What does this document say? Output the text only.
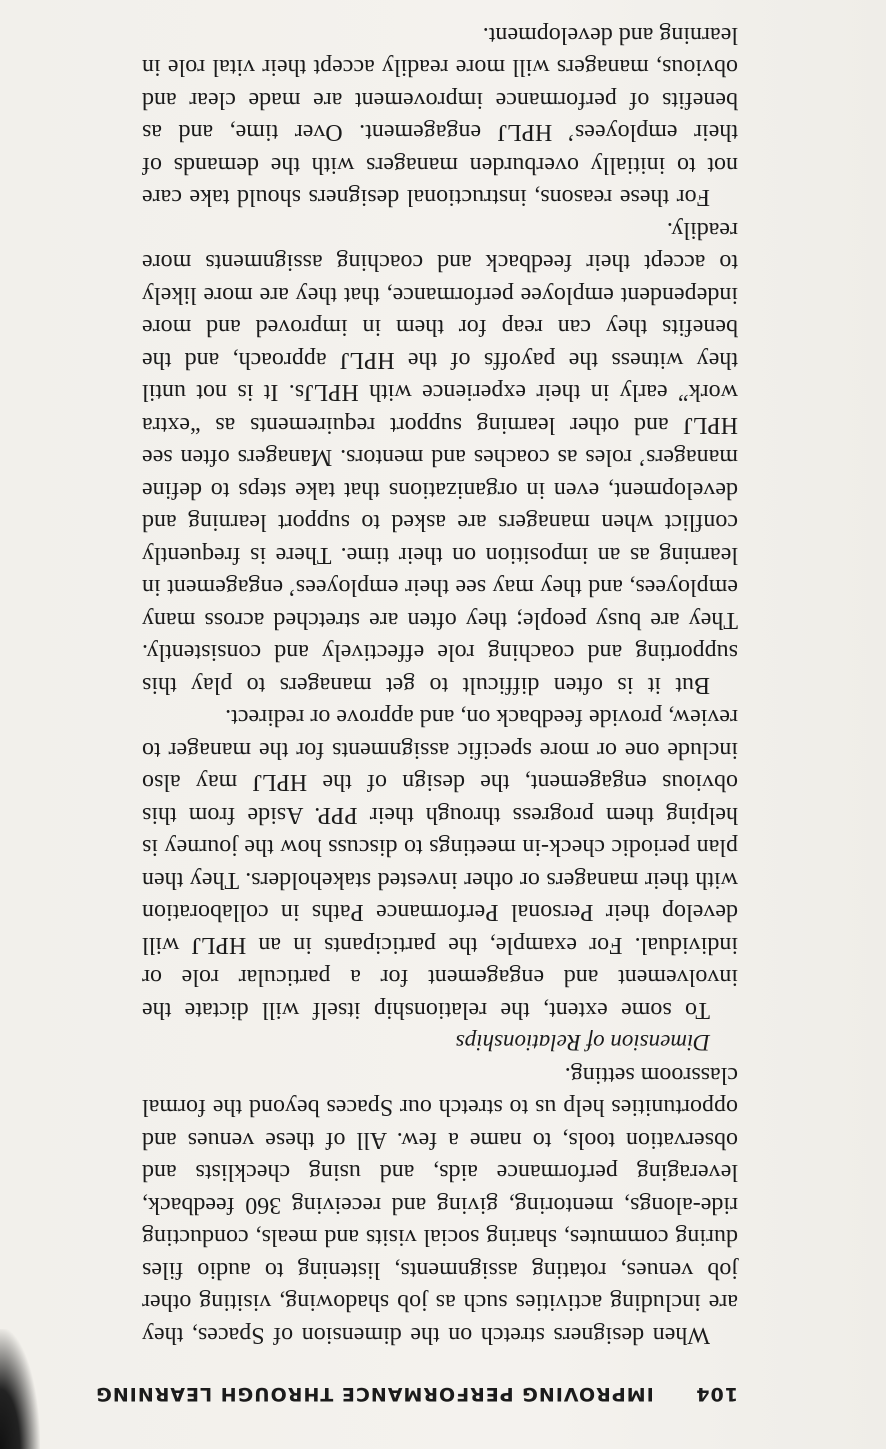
104 IMPROVING PERFORMANCE THROUGH LEARNING

When designers stretch on the dimension of Spaces, they are including activities such as job shadowing, visiting other job venues, rotating assignments, listening to audio files during commutes, sharing social visits and meals, conducting ride-alongs, mentoring, giving and receiving 360 feedback, leveraging performance aids, and using checklists and observation tools, to name a few. All of these venues and opportunities help us to stretch our Spaces beyond the formal classroom setting.

Dimension of Relationships

To some extent, the relationship itself will dictate the involvement and engagement for a particular role or individual. For example, the participants in an HPLJ will develop their Personal Performance Paths in collaboration with their managers or other invested stakeholders. They then plan periodic check-in meetings to discuss how the journey is helping them progress through their PPP. Aside from this obvious engagement, the design of the HPLJ may also include one or more specific assignments for the manager to review, provide feedback on, and approve or redirect.

But it is often difficult to get managers to play this supporting and coaching role effectively and consistently. They are busy people; they often are stretched across many employees, and they may see their employees’ engagement in learning as an imposition on their time. There is frequently conflict when managers are asked to support learning and development, even in organizations that take steps to define managers’ roles as coaches and mentors. Managers often see HPLJ and other learning support requirements as “extra work” early in their experience with HPLJs. It is not until they witness the payoffs of the HPLJ approach, and the benefits they can reap for them in improved and more independent employee performance, that they are more likely to accept their feedback and coaching assignments more readily.

For these reasons, instructional designers should take care not to initially overburden managers with the demands of their employees’ HPLJ engagement. Over time, and as benefits of performance improvement are made clear and obvious, managers will more readily accept their vital role in learning and development.
